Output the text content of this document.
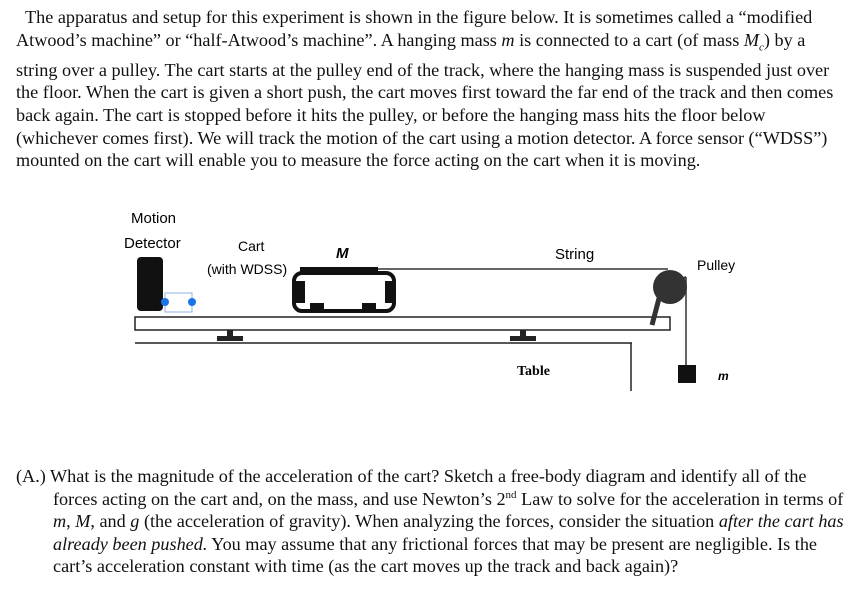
The apparatus and setup for this experiment is shown in the figure below. It is sometimes called a “modified Atwood’s machine” or “half-Atwood’s machine”. A hanging mass m is connected to a cart (of mass $M_c$) by a string over a pulley. The cart starts at the pulley end of the track, where the hanging mass is suspended just over the floor. When the cart is given a short push, the cart moves first toward the far end of the track and then comes back again. The cart is stopped before it hits the pulley, or before the hanging mass hits the floor below (whichever comes first). We will track the motion of the cart using a motion detector. A force sensor (“WDSS”) mounted on the cart will enable you to measure the force acting on the cart when it is moving.

Motion
Detector	Cart
(with WDSS)
M	String
Pulley
Table	m

(A.) What is the magnitude of the acceleration of the cart? Sketch a free-body diagram and identify all of the forces acting on the cart and, on the mass, and use Newton’s 2nd Law to solve for the acceleration in terms of m, M, and g (the acceleration of gravity). When analyzing the forces, consider the situation after the cart has already been pushed. You may assume that any frictional forces that may be present are negligible. Is the cart’s acceleration constant with time (as the cart moves up the track and back again)?
